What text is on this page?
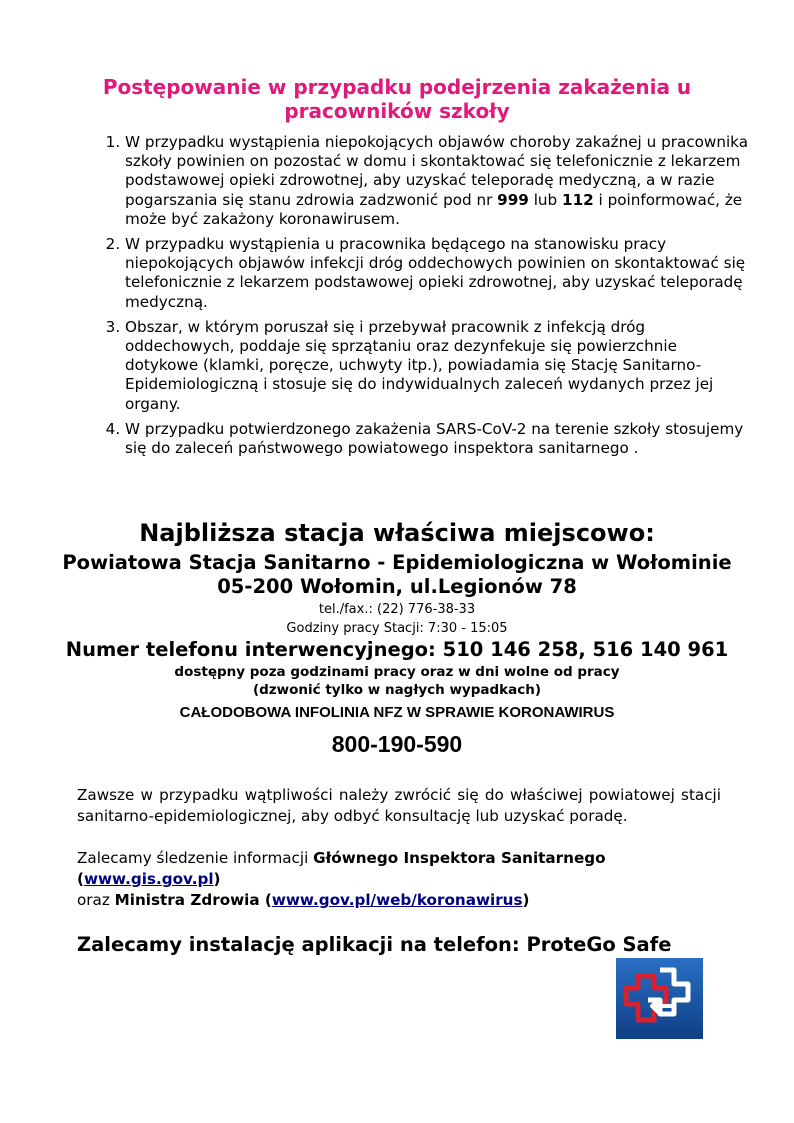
Postępowanie w przypadku podejrzenia zakażenia u pracowników szkoły
1. W przypadku wystąpienia niepokojących objawów choroby zakaźnej u pracownika szkoły powinien on pozostać w domu i skontaktować się telefonicznie z lekarzem podstawowej opieki zdrowotnej, aby uzyskać teleporadę medyczną, a w razie pogarszania się stanu zdrowia zadzwonić pod nr 999 lub 112 i poinformować, że może być zakażony koronawirusem.
2. W przypadku wystąpienia u pracownika będącego na stanowisku pracy niepokojących objawów infekcji dróg oddechowych powinien on skontaktować się telefonicznie z lekarzem podstawowej opieki zdrowotnej, aby uzyskać teleporadę medyczną.
3. Obszar, w którym poruszał się i przebywał pracownik z infekcją dróg oddechowych, poddaje się sprzątaniu oraz dezynfekuje się powierzchnie dotykowe (klamki, poręcze, uchwyty itp.), powiadamia się Stację Sanitarno- Epidemiologiczną i stosuje się do indywidualnych zaleceń wydanych przez jej organy.
4. W przypadku potwierdzonego zakażenia SARS-CoV-2 na terenie szkoły stosujemy się do zaleceń państwowego powiatowego inspektora sanitarnego .
Najbliższa stacja właściwa miejscowo:
Powiatowa Stacja Sanitarno - Epidemiologiczna w Wołominie
05-200 Wołomin, ul.Legionów 78
tel./fax.: (22) 776-38-33
Godziny pracy Stacji: 7:30 - 15:05
Numer telefonu interwencyjnego: 510 146 258, 516 140 961
dostępny poza godzinami pracy oraz w dni wolne od pracy
(dzwonić tylko w nagłych wypadkach)
CAŁODOBOWA INFOLINIA NFZ W SPRAWIE KORONAWIRUS
800-190-590
Zawsze w przypadku wątpliwości należy zwrócić się do właściwej powiatowej stacji sanitarno-epidemiologicznej, aby odbyć konsultację lub uzyskać poradę.
Zalecamy śledzenie informacji Głównego Inspektora Sanitarnego
(www.gis.gov.pl)
oraz Ministra Zdrowia (www.gov.pl/web/koronawirus)
Zalecamy instalację aplikacji na telefon: ProteGo Safe
